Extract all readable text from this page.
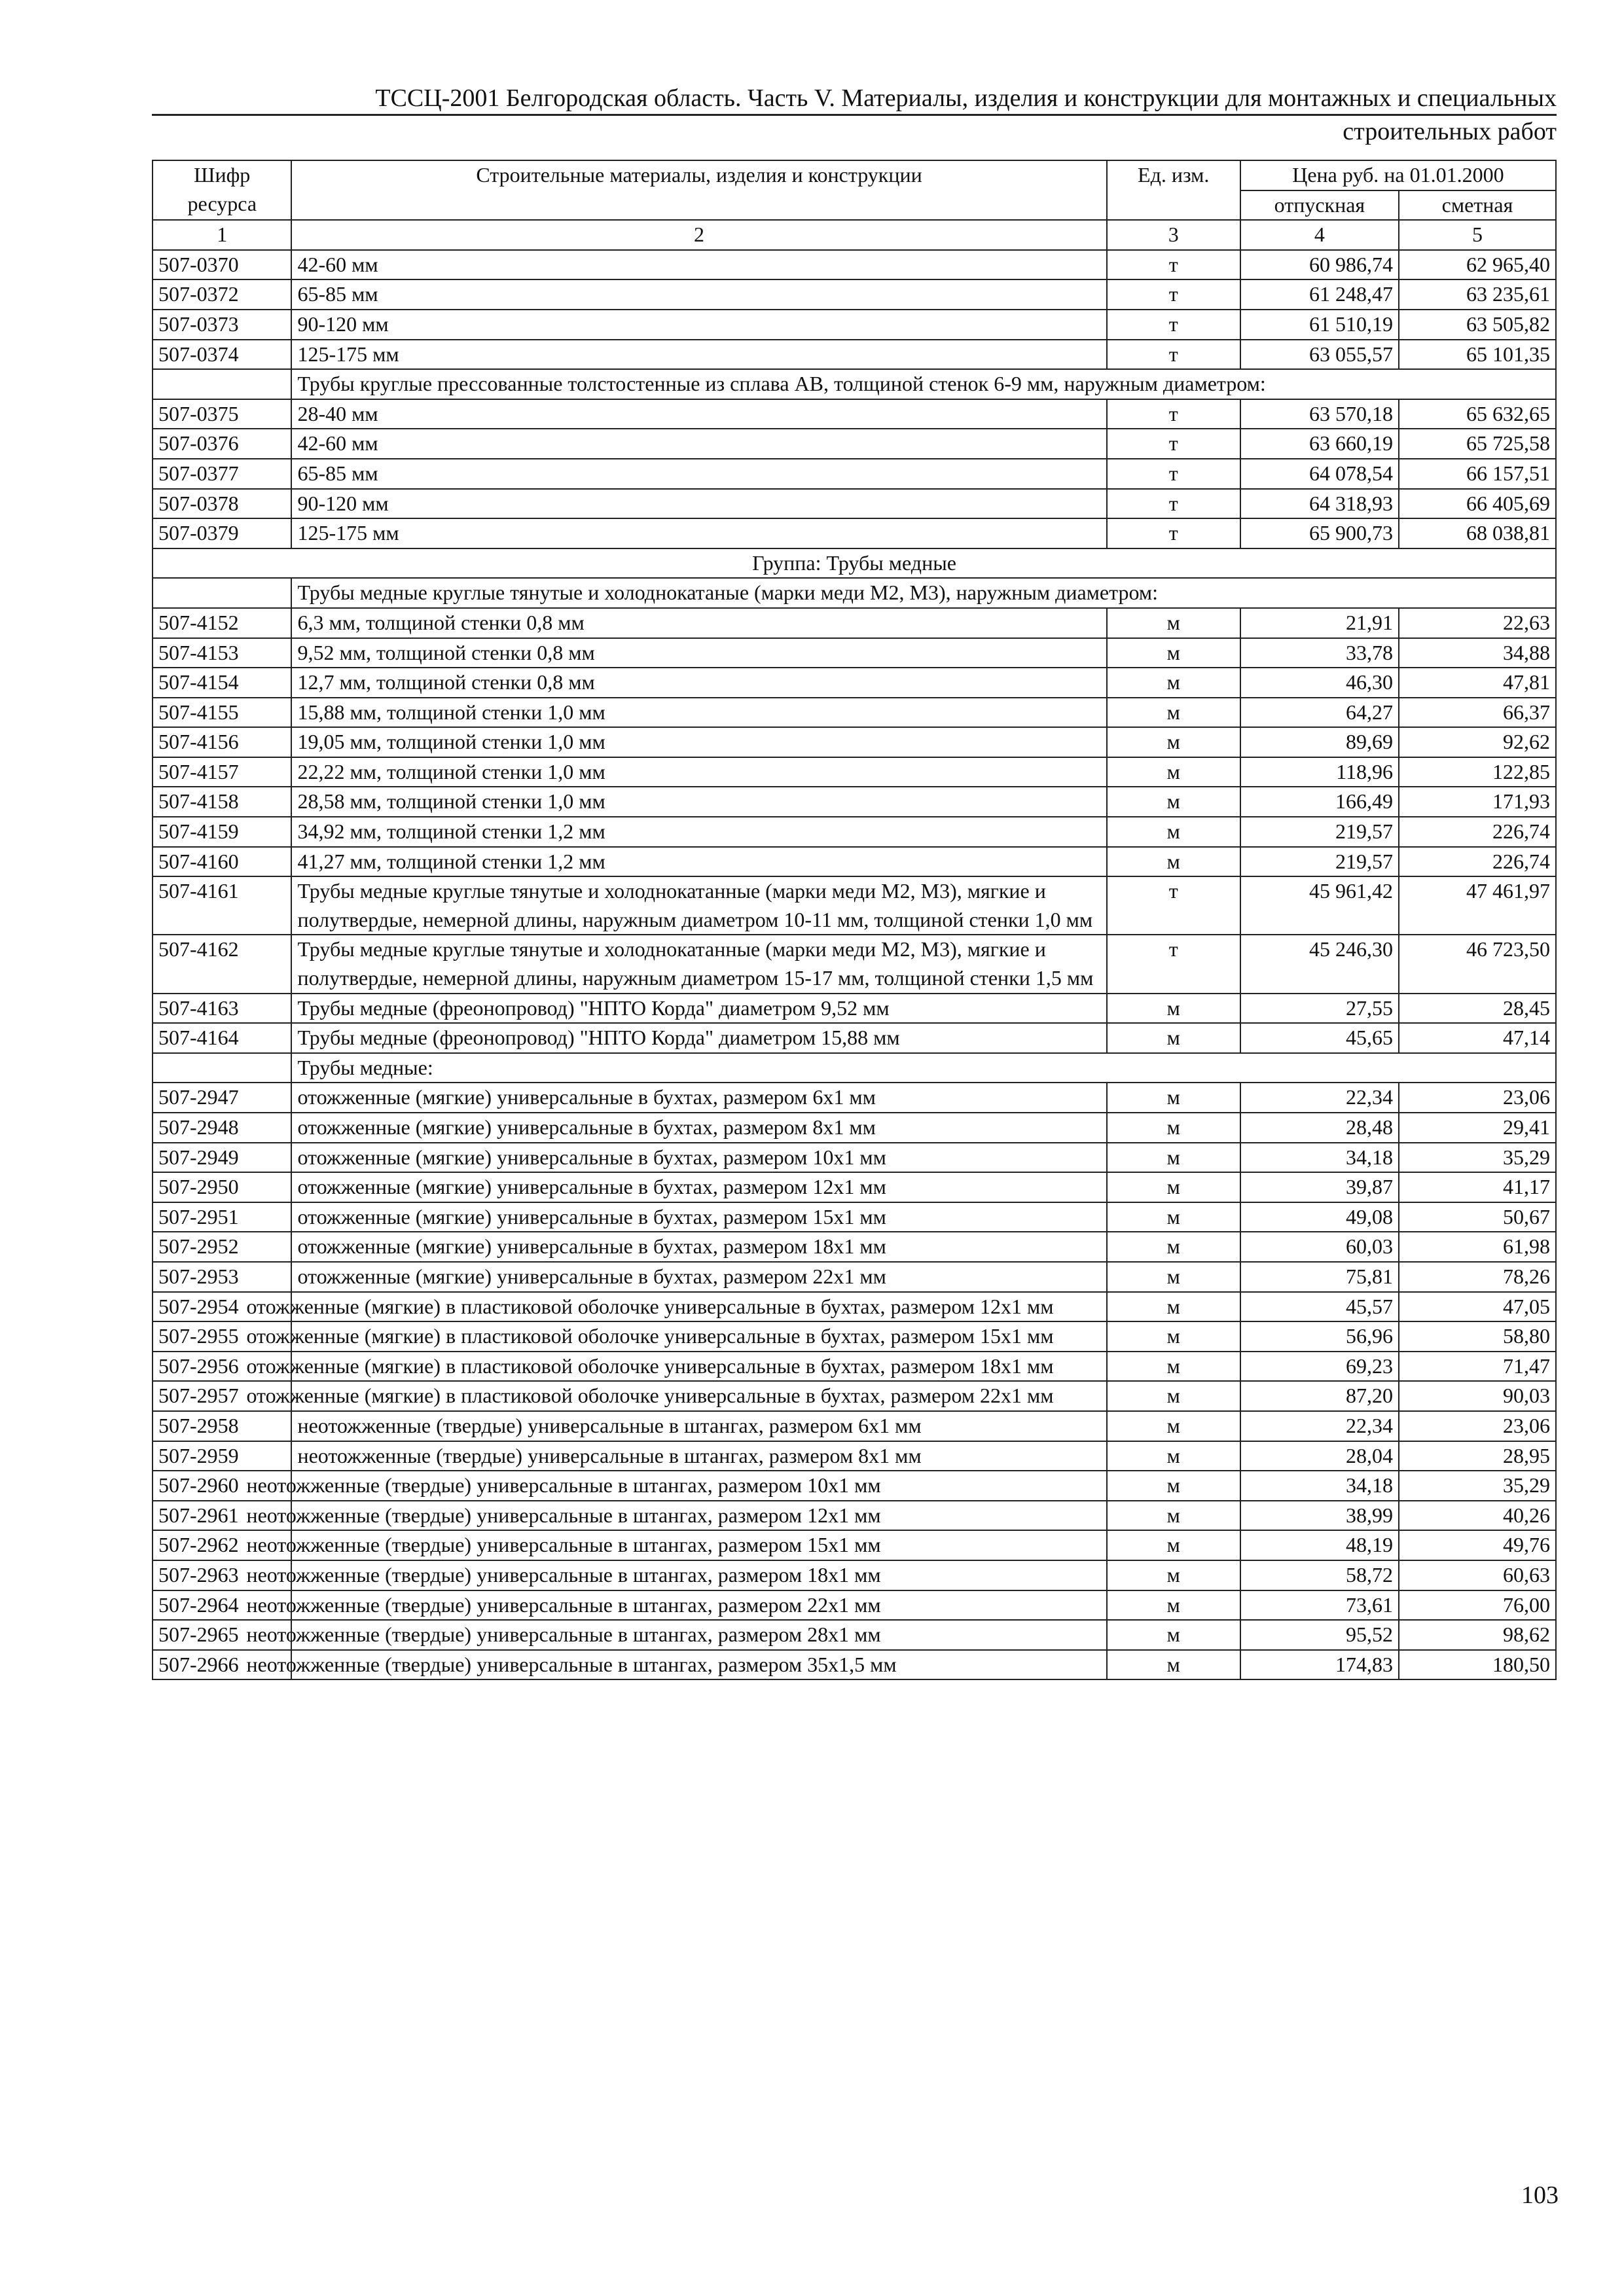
ТССЦ-2001 Белгородская область. Часть V. Материалы, изделия и конструкции для монтажных и специальных
строительных работ
Шифр ресурса	Строительные материалы, изделия и конструкции	Ед. изм.	Цена руб. на 01.01.2000	
			отпускная	сметная
1	2	3	4	5
507-0370	42-60 мм	т	60 986,74	62 965,40
507-0372	65-85 мм	т	61 248,47	63 235,61
507-0373	90-120 мм	т	61 510,19	63 505,82
507-0374	125-175 мм	т	63 055,57	65 101,35
	Трубы круглые прессованные толстостенные из сплава АВ, толщиной стенок 6-9 мм, наружным диаметром:			
507-0375	28-40 мм	т	63 570,18	65 632,65
507-0376	42-60 мм	т	63 660,19	65 725,58
507-0377	65-85 мм	т	64 078,54	66 157,51
507-0378	90-120 мм	т	64 318,93	66 405,69
507-0379	125-175 мм	т	65 900,73	68 038,81
Группа: Трубы медные				
	Трубы медные круглые тянутые и холоднокатаные (марки меди М2, М3), наружным диаметром:			
507-4152	6,3 мм, толщиной стенки 0,8 мм	м	21,91	22,63
507-4153	9,52 мм, толщиной стенки 0,8 мм	м	33,78	34,88
507-4154	12,7 мм, толщиной стенки 0,8 мм	м	46,30	47,81
507-4155	15,88 мм, толщиной стенки 1,0 мм	м	64,27	66,37
507-4156	19,05 мм, толщиной стенки 1,0 мм	м	89,69	92,62
507-4157	22,22 мм, толщиной стенки 1,0 мм	м	118,96	122,85
507-4158	28,58 мм, толщиной стенки 1,0 мм	м	166,49	171,93
507-4159	34,92 мм, толщиной стенки 1,2 мм	м	219,57	226,74
507-4160	41,27 мм, толщиной стенки 1,2 мм	м	219,57	226,74
507-4161	Трубы медные круглые тянутые и холоднокатанные (марки меди М2, М3), мягкие и полутвердые, немерной длины, наружным диаметром 10-11 мм, толщиной стенки 1,0 мм	т	45 961,42	47 461,97
507-4162	Трубы медные круглые тянутые и холоднокатанные (марки меди М2, М3), мягкие и полутвердые, немерной длины, наружным диаметром 15-17 мм, толщиной стенки 1,5 мм	т	45 246,30	46 723,50
507-4163	Трубы медные (фреонопровод) "НПТО Корда" диаметром 9,52 мм	м	27,55	28,45
507-4164	Трубы медные (фреонопровод) "НПТО Корда" диаметром 15,88 мм	м	45,65	47,14
	Трубы медные:			
507-2947	отожженные (мягкие) универсальные в бухтах, размером 6х1 мм	м	22,34	23,06
507-2948	отожженные (мягкие) универсальные в бухтах, размером 8х1 мм	м	28,48	29,41
507-2949	отожженные (мягкие) универсальные в бухтах, размером 10х1 мм	м	34,18	35,29
507-2950	отожженные (мягкие) универсальные в бухтах, размером 12х1 мм	м	39,87	41,17
507-2951	отожженные (мягкие) универсальные в бухтах, размером 15х1 мм	м	49,08	50,67
507-2952	отожженные (мягкие) универсальные в бухтах, размером 18х1 мм	м	60,03	61,98
507-2953	отожженные (мягкие) универсальные в бухтах, размером 22х1 мм	м	75,81	78,26
507-2954	отожженные (мягкие) в пластиковой оболочке универсальные в бухтах, размером 12х1 мм	м	45,57	47,05
507-2955	отожженные (мягкие) в пластиковой оболочке универсальные в бухтах, размером 15х1 мм	м	56,96	58,80
507-2956	отожженные (мягкие) в пластиковой оболочке универсальные в бухтах, размером 18х1 мм	м	69,23	71,47
507-2957	отожженные (мягкие) в пластиковой оболочке универсальные в бухтах, размером 22х1 мм	м	87,20	90,03
507-2958	неотожженные (твердые) универсальные в штангах, размером 6х1 мм	м	22,34	23,06
507-2959	неотожженные (твердые) универсальные в штангах, размером 8х1 мм	м	28,04	28,95
507-2960	неотожженные (твердые) универсальные в штангах, размером 10х1 мм	м	34,18	35,29
507-2961	неотожженные (твердые) универсальные в штангах, размером 12х1 мм	м	38,99	40,26
507-2962	неотожженные (твердые) универсальные в штангах, размером 15х1 мм	м	48,19	49,76
507-2963	неотожженные (твердые) универсальные в штангах, размером 18х1 мм	м	58,72	60,63
507-2964	неотожженные (твердые) универсальные в штангах, размером 22х1 мм	м	73,61	76,00
507-2965	неотожженные (твердые) универсальные в штангах, размером 28х1 мм	м	95,52	98,62
507-2966	неотожженные (твердые) универсальные в штангах, размером 35х1,5 мм	м	174,83	180,50
103
